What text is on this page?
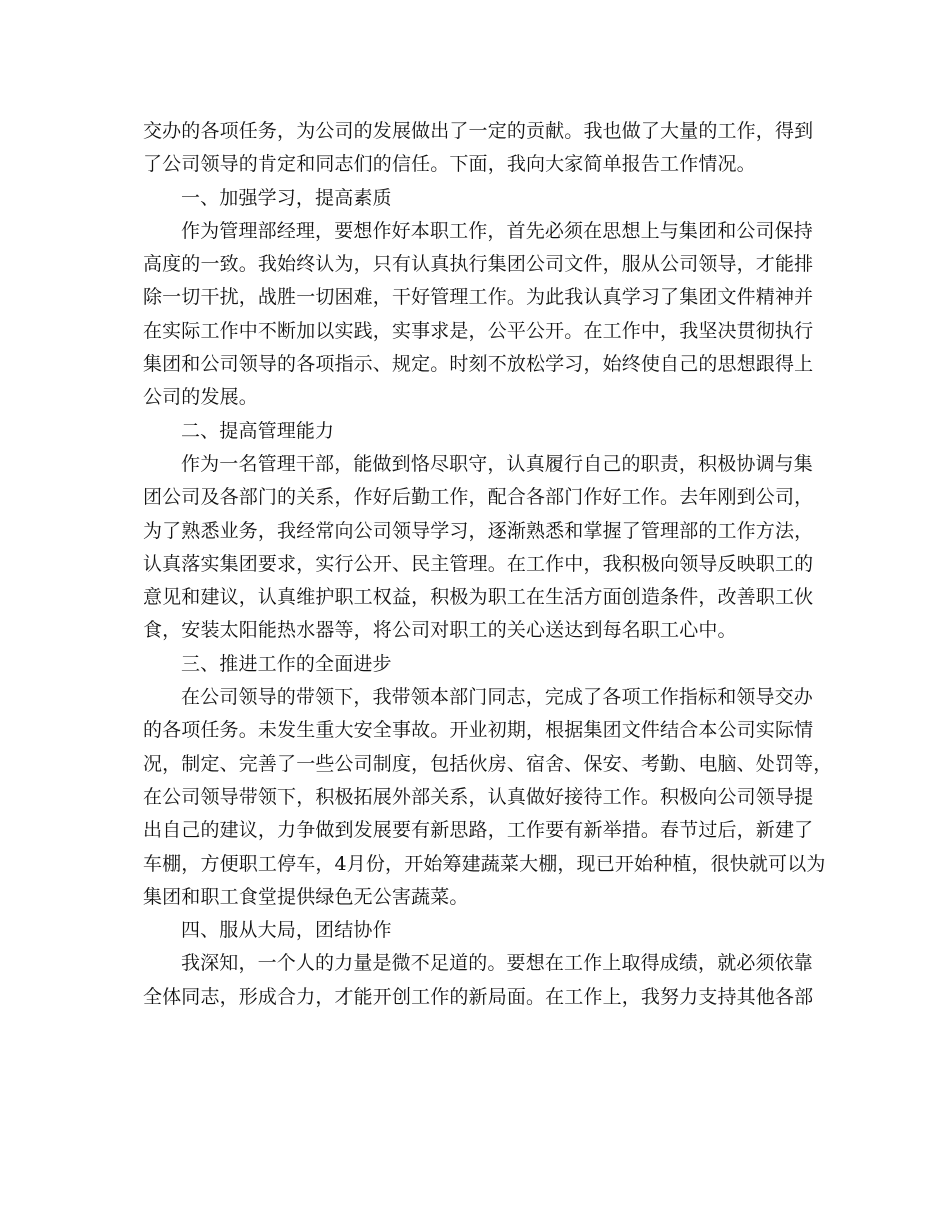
交办的各项任务，为公司的发展做出了一定的贡献。我也做了大量的工作，得到
了公司领导的肯定和同志们的信任。下面，我向大家简单报告工作情况。
一、加强学习，提高素质
作为管理部经理，要想作好本职工作，首先必须在思想上与集团和公司保持
高度的一致。我始终认为，只有认真执行集团公司文件，服从公司领导，才能排
除一切干扰，战胜一切困难，干好管理工作。为此我认真学习了集团文件精神并
在实际工作中不断加以实践，实事求是，公平公开。在工作中，我坚决贯彻执行
集团和公司领导的各项指示、规定。时刻不放松学习，始终使自己的思想跟得上
公司的发展。
二、提高管理能力
作为一名管理干部，能做到恪尽职守，认真履行自己的职责，积极协调与集
团公司及各部门的关系，作好后勤工作，配合各部门作好工作。去年刚到公司，
为了熟悉业务，我经常向公司领导学习，逐渐熟悉和掌握了管理部的工作方法，
认真落实集团要求，实行公开、民主管理。在工作中，我积极向领导反映职工的
意见和建议，认真维护职工权益，积极为职工在生活方面创造条件，改善职工伙
食，安装太阳能热水器等，将公司对职工的关心送达到每名职工心中。
三、推进工作的全面进步
在公司领导的带领下，我带领本部门同志，完成了各项工作指标和领导交办
的各项任务。未发生重大安全事故。开业初期，根据集团文件结合本公司实际情
况，制定、完善了一些公司制度，包括伙房、宿舍、保安、考勤、电脑、处罚等，
在公司领导带领下，积极拓展外部关系，认真做好接待工作。积极向公司领导提
出自己的建议，力争做到发展要有新思路，工作要有新举措。春节过后，新建了
车棚，方便职工停车，4月份，开始筹建蔬菜大棚，现已开始种植，很快就可以为
集团和职工食堂提供绿色无公害蔬菜。
四、服从大局，团结协作
我深知，一个人的力量是微不足道的。要想在工作上取得成绩，就必须依靠
全体同志，形成合力，才能开创工作的新局面。在工作上，我努力支持其他各部
